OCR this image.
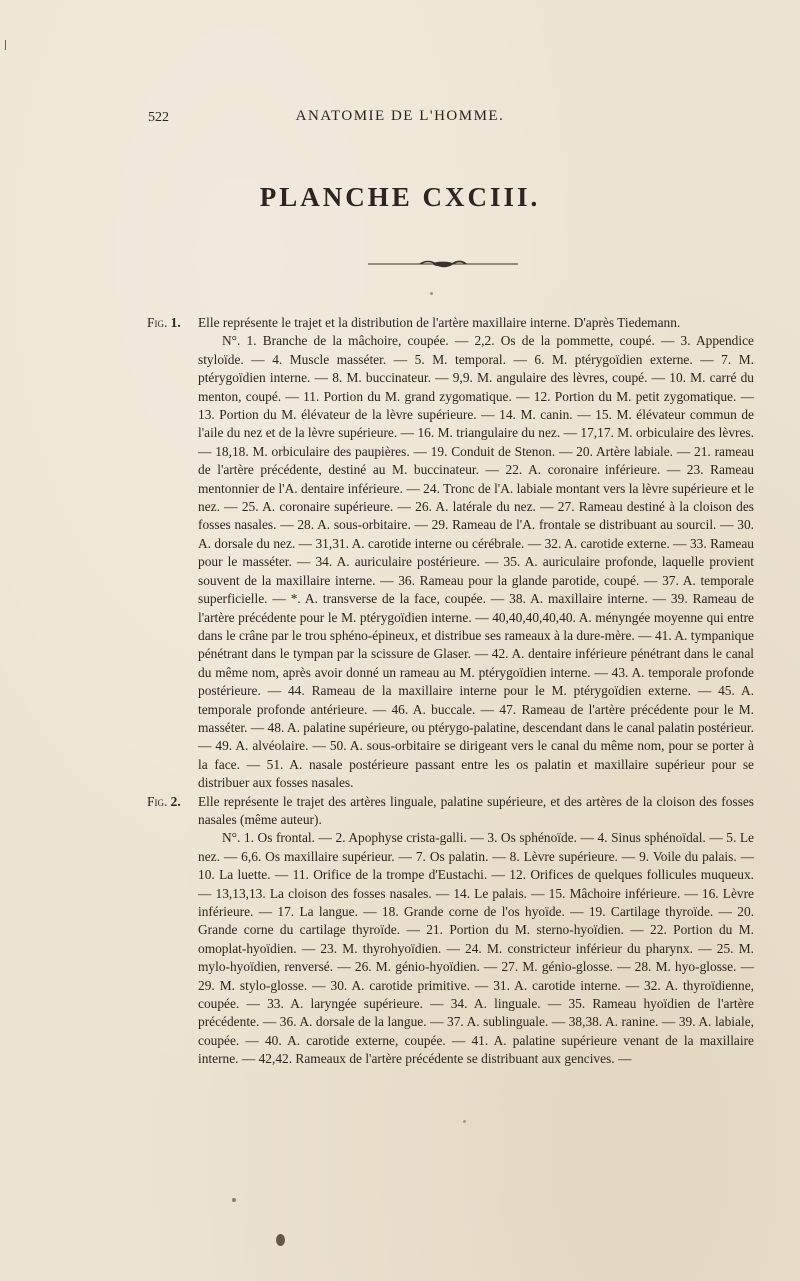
522	ANATOMIE DE L'HOMME.
PLANCHE CXCIII.

Fig. 1. Elle représente le trajet et la distribution de l'artère maxillaire interne. D'après Tiedemann.

N°. 1. Branche de la mâchoire, coupée. — 2,2. Os de la pommette, coupé. — 3. Appendice styloïde. — 4. Muscle masséter. — 5. M. temporal. — 6. M. ptérygoïdien externe. — 7. M. ptérygoïdien interne. — 8. M. buccinateur. — 9,9. M. angulaire des lèvres, coupé. — 10. M. carré du menton, coupé. — 11. Portion du M. grand zygomatique. — 12. Portion du M. petit zygomatique. — 13. Portion du M. élévateur de la lèvre supérieure. — 14. M. canin. — 15. M. élévateur commun de l'aile du nez et de la lèvre supérieure. — 16. M. triangulaire du nez. — 17,17. M. orbiculaire des lèvres. — 18,18. M. orbiculaire des paupières. — 19. Conduit de Stenon. — 20. Artère labiale. — 21. rameau de l'artère précédente, destiné au M. buccinateur. — 22. A. coronaire inférieure. — 23. Rameau mentonnier de l'A. dentaire inférieure. — 24. Tronc de l'A. labiale montant vers la lèvre supérieure et le nez. — 25. A. coronaire supérieure. — 26. A. latérale du nez. — 27. Rameau destiné à la cloison des fosses nasales. — 28. A. sous-orbitaire. — 29. Rameau de l'A. frontale se distribuant au sourcil. — 30. A. dorsale du nez. — 31,31. A. carotide interne ou cérébrale. — 32. A. carotide externe. — 33. Rameau pour le masséter. — 34. A. auriculaire postérieure. — 35. A. auriculaire profonde, laquelle provient souvent de la maxillaire interne. — 36. Rameau pour la glande parotide, coupé. — 37. A. temporale superficielle. — *. A. transverse de la face, coupée. — 38. A. maxillaire interne. — 39. Rameau de l'artère précédente pour le M. ptérygoïdien interne. — 40,40,40,40,40. A. ményngée moyenne qui entre dans le crâne par le trou sphéno-épineux, et distribue ses rameaux à la dure-mère. — 41. A. tympanique pénétrant dans le tympan par la scissure de Glaser. — 42. A. dentaire inférieure pénétrant dans le canal du même nom, après avoir donné un rameau au M. ptérygoïdien interne. — 43. A. temporale profonde postérieure. — 44. Rameau de la maxillaire interne pour le M. ptérygoïdien externe. — 45. A. temporale profonde antérieure. — 46. A. buccale. — 47. Rameau de l'artère précédente pour le M. masséter. — 48. A. palatine supérieure, ou ptérygo-palatine, descendant dans le canal palatin postérieur. — 49. A. alvéolaire. — 50. A. sous-orbitaire se dirigeant vers le canal du même nom, pour se porter à la face. — 51. A. nasale postérieure passant entre les os palatin et maxillaire supérieur pour se distribuer aux fosses nasales.

Fig. 2. Elle représente le trajet des artères linguale, palatine supérieure, et des artères de la cloison des fosses nasales (même auteur).

N°. 1. Os frontal. — 2. Apophyse crista-galli. — 3. Os sphénoïde. — 4. Sinus sphénoïdal. — 5. Le nez. — 6,6. Os maxillaire supérieur. — 7. Os palatin. — 8. Lèvre supérieure. — 9. Voile du palais. — 10. La luette. — 11. Orifice de la trompe d'Eustachi. — 12. Orifices de quelques follicules muqueux. — 13,13,13. La cloison des fosses nasales. — 14. Le palais. — 15. Mâchoire inférieure. — 16. Lèvre inférieure. — 17. La langue. — 18. Grande corne de l'os hyoïde. — 19. Cartilage thyroïde. — 20. Grande corne du cartilage thyroïde. — 21. Portion du M. sterno-hyoïdien. — 22. Portion du M. omoplat-hyoïdien. — 23. M. thyrohyoïdien. — 24. M. constricteur inférieur du pharynx. — 25. M. mylo-hyoïdien, renversé. — 26. M. génio-hyoïdien. — 27. M. génio-glosse. — 28. M. hyo-glosse. — 29. M. stylo-glosse. — 30. A. carotide primitive. — 31. A. carotide interne. — 32. A. thyroïdienne, coupée. — 33. A. laryngée supérieure. — 34. A. linguale. — 35. Rameau hyoïdien de l'artère précédente. — 36. A. dorsale de la langue. — 37. A. sublinguale. — 38,38. A. ranine. — 39. A. labiale, coupée. — 40. A. carotide externe, coupée. — 41. A. palatine supérieure venant de la maxillaire interne. — 42,42. Rameaux de l'artère précédente se distribuant aux gencives. —
